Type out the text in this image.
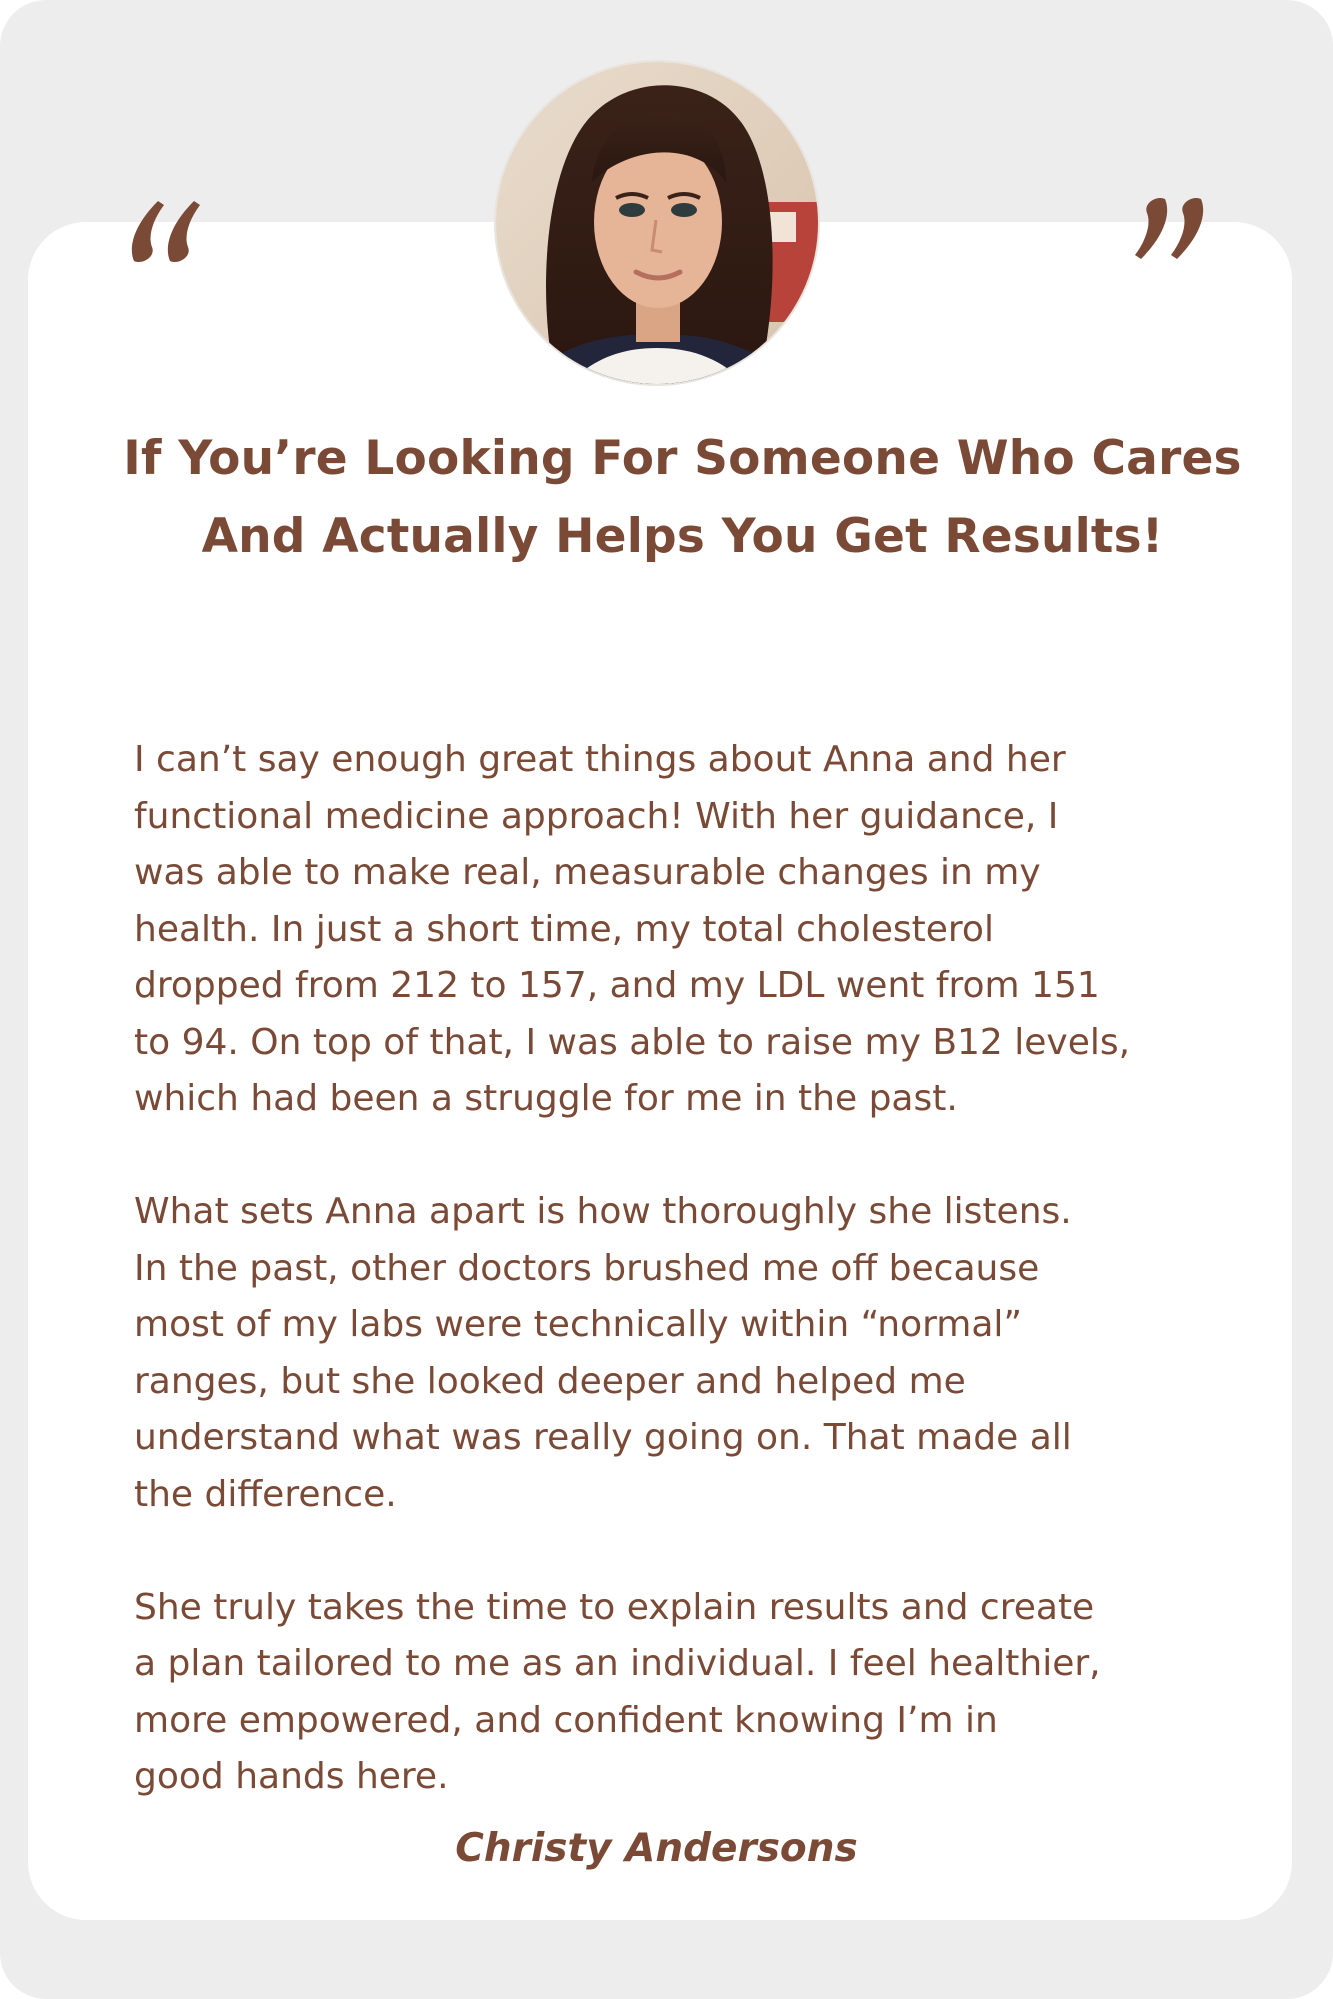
If You’re Looking For Someone Who Cares And Actually Helps You Get Results!

I can’t say enough great things about Anna and her
functional medicine approach! With her guidance, I
was able to make real, measurable changes in my
health. In just a short time, my total cholesterol
dropped from 212 to 157, and my LDL went from 151
to 94. On top of that, I was able to raise my B12 levels,
which had been a struggle for me in the past.

What sets Anna apart is how thoroughly she listens.
In the past, other doctors brushed me off because
most of my labs were technically within “normal”
ranges, but she looked deeper and helped me
understand what was really going on. That made all
the difference.

She truly takes the time to explain results and create
a plan tailored to me as an individual. I feel healthier,
more empowered, and confident knowing I’m in
good hands here.

Christy Andersons
